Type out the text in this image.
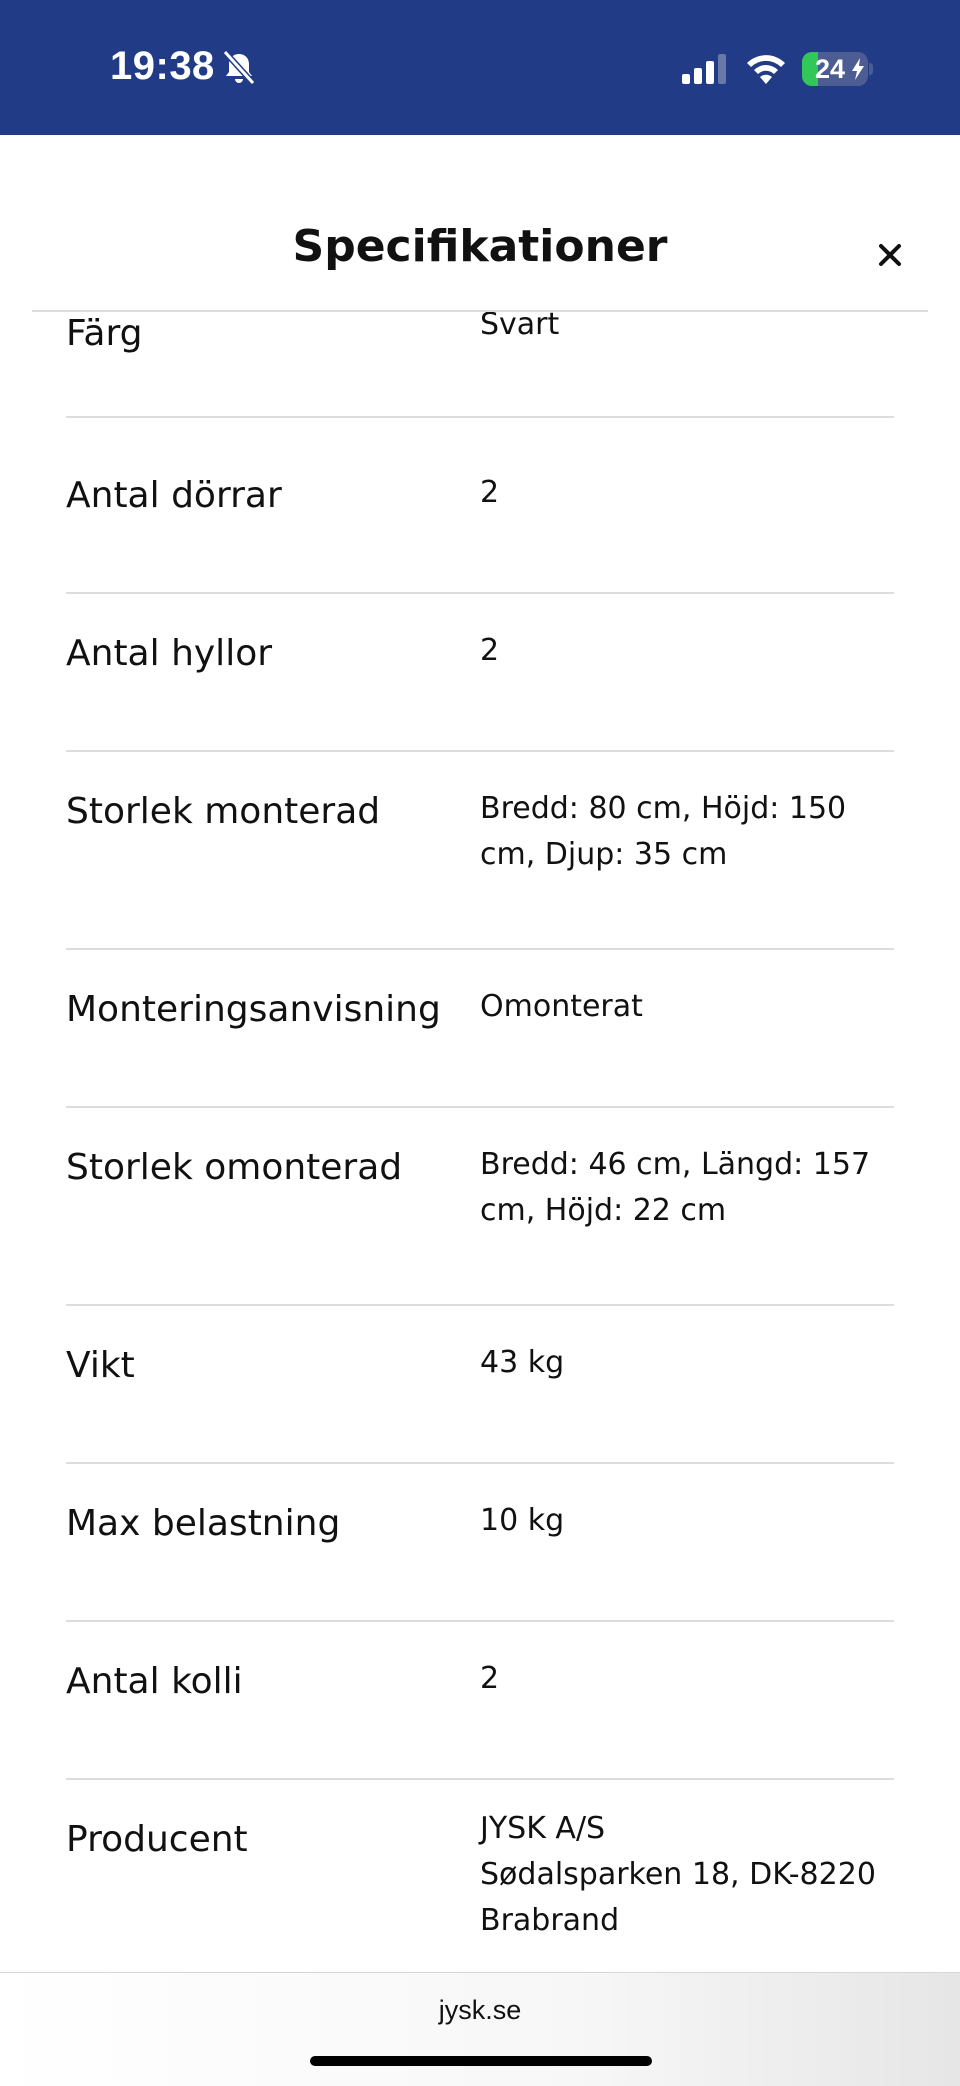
19:38	24
Specifikationer
Färg	Svart
Antal dörrar	2
Antal hyllor	2
Storlek monterad	Bredd: 80 cm, Höjd: 150 cm, Djup: 35 cm
Monteringsanvisning Omonterat
Storlek omonterad	Bredd: 46 cm, Längd: 157 cm, Höjd: 22 cm
Vikt	43 kg
Max belastning	10 kg
Antal kolli	2
Producent	JYSK A/S
Sødalsparken 18, DK-8220
Brabrand
jysk.se
